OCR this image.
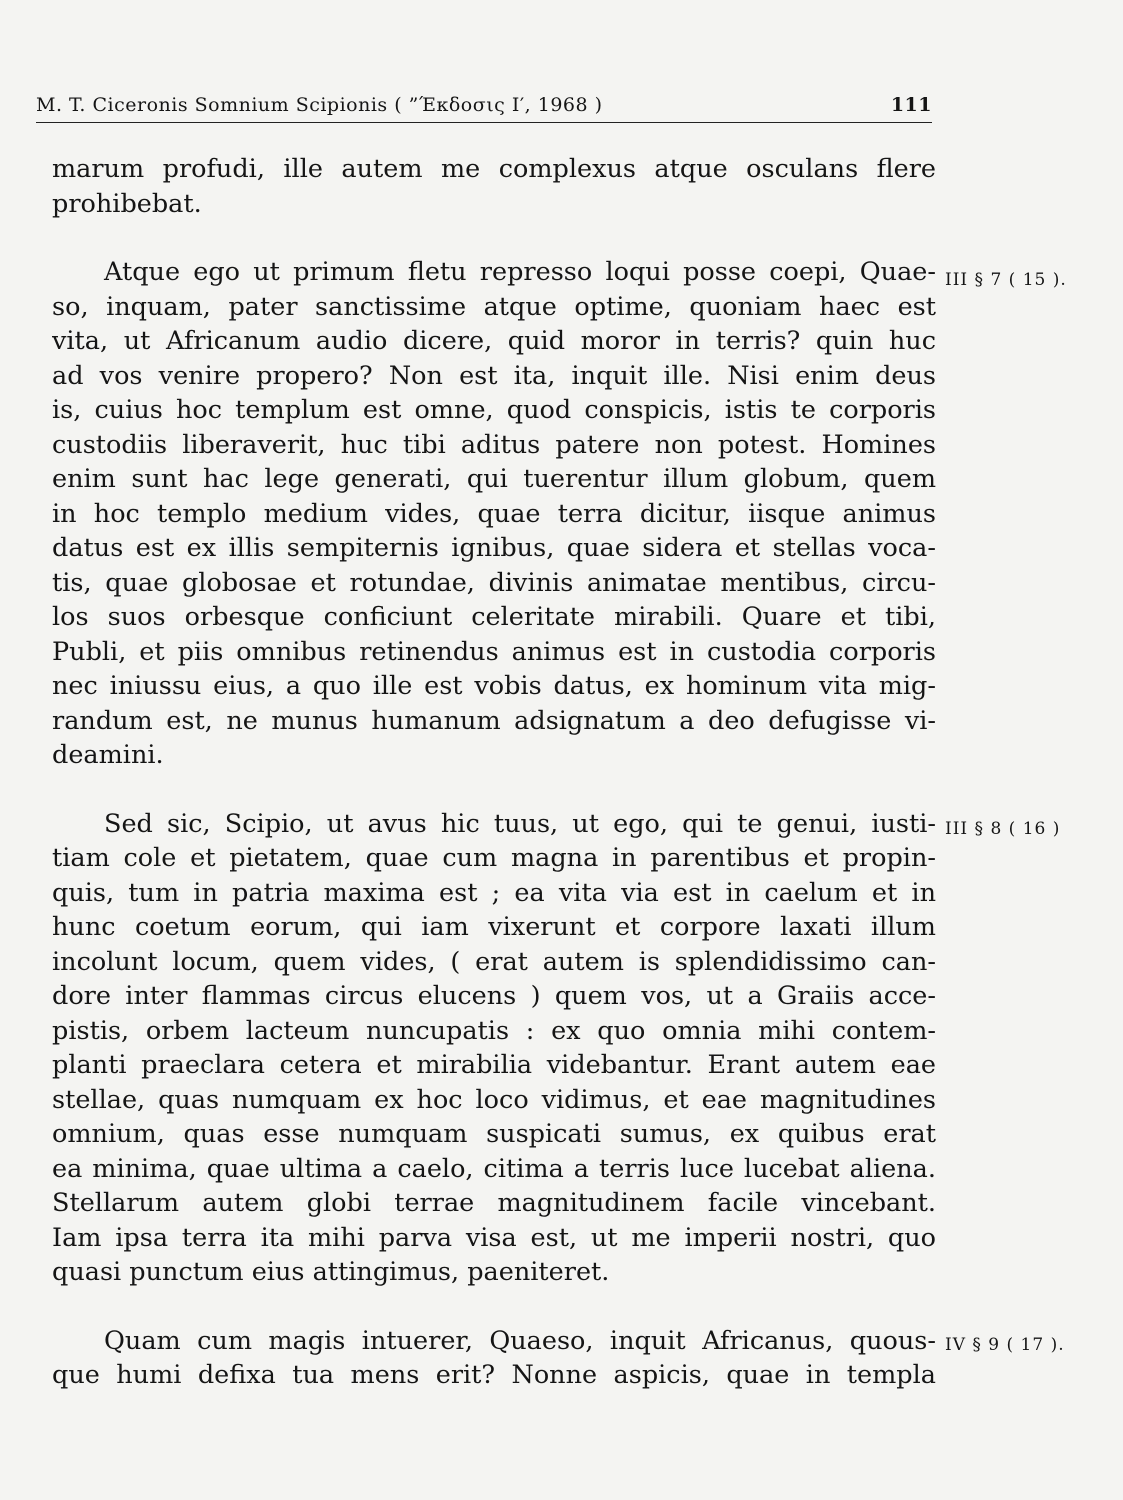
M. T. Ciceronis Somnium Scipionis ( ”Έκδοσις I′, 1968 )	111
marum profudi, ille autem me complexus atque osculans flere
prohibebat.
Atque ego ut primum fletu represso loqui posse coepi, Quae-
so, inquam, pater sanctissime atque optime, quoniam haec est
vita, ut Africanum audio dicere, quid moror in terris? quin huc
ad vos venire propero? Non est ita, inquit ille. Nisi enim deus
is, cuius hoc templum est omne, quod conspicis, istis te corporis
custodiis liberaverit, huc tibi aditus patere non potest. Homines
enim sunt hac lege generati, qui tuerentur illum globum, quem
in hoc templo medium vides, quae terra dicitur, iisque animus
datus est ex illis sempiternis ignibus, quae sidera et stellas voca-
tis, quae globosae et rotundae, divinis animatae mentibus, circu-
los suos orbesque conficiunt celeritate mirabili. Quare et tibi,
Publi, et piis omnibus retinendus animus est in custodia corporis
nec iniussu eius, a quo ille est vobis datus, ex hominum vita mig-
randum est, ne munus humanum adsignatum a deo defugisse vi-
deamini.
Sed sic, Scipio, ut avus hic tuus, ut ego, qui te genui, iusti-
tiam cole et pietatem, quae cum magna in parentibus et propin-
quis, tum in patria maxima est ; ea vita via est in caelum et in
hunc coetum eorum, qui iam vixerunt et corpore laxati illum
incolunt locum, quem vides, ( erat autem is splendidissimo can-
dore inter flammas circus elucens ) quem vos, ut a Graiis acce-
pistis, orbem lacteum nuncupatis : ex quo omnia mihi contem-
planti praeclara cetera et mirabilia videbantur. Erant autem eae
stellae, quas numquam ex hoc loco vidimus, et eae magnitudines
omnium, quas esse numquam suspicati sumus, ex quibus erat
ea minima, quae ultima a caelo, citima a terris luce lucebat aliena.
Stellarum autem globi terrae magnitudinem facile vincebant.
Iam ipsa terra ita mihi parva visa est, ut me imperii nostri, quo
quasi punctum eius attingimus, paeniteret.
Quam cum magis intuerer, Quaeso, inquit Africanus, quous-
que humi defixa tua mens erit? Nonne aspicis, quae in templa
III § 7 ( 15 ).
III § 8 ( 16 )
IV § 9 ( 17 ).
